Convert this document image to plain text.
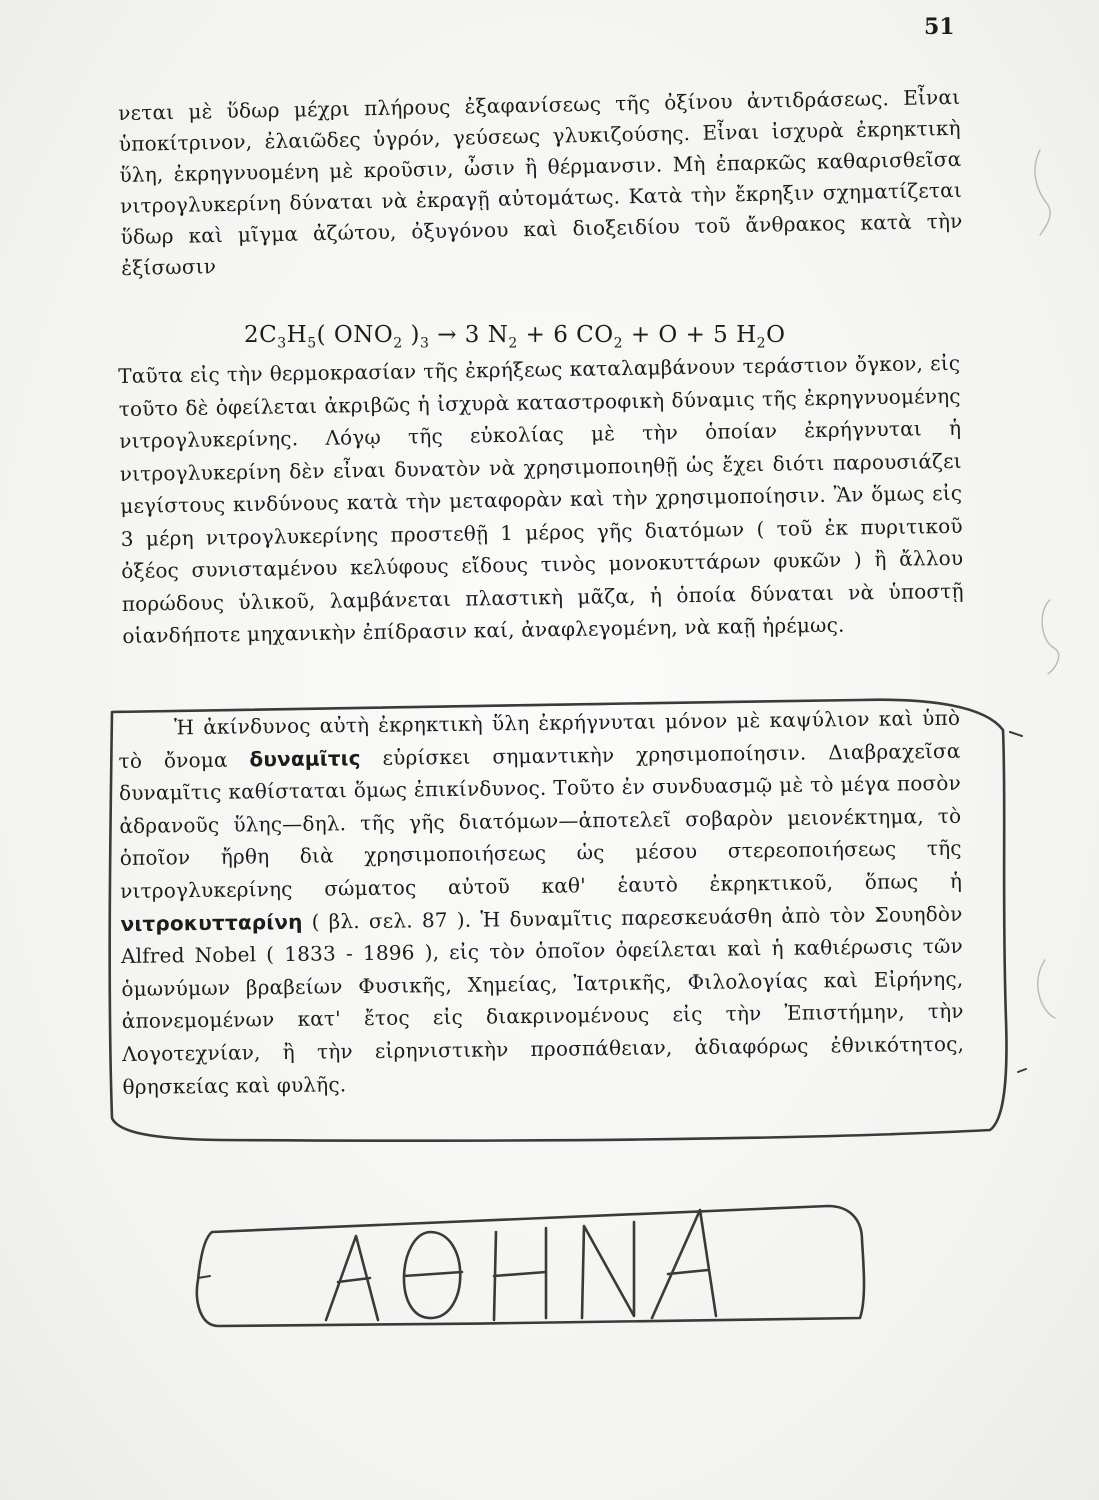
51

νεται μὲ ὕδωρ μέχρι πλήρους ἐξαφανίσεως τῆς ὀξίνου ἀντιδράσεως. Εἶναι ὑποκίτρινον, ἐλαιῶδες ὑγρόν, γεύσεως γλυκιζούσης. Εἶναι ἰσχυρὰ ἐκρηκτικὴ ὕλη, ἐκρηγνυομένη μὲ κροῦσιν, ὦσιν ἢ θέρμανσιν. Μὴ ἐπαρκῶς καθαρισθεῖσα νιτρογλυκερίνη δύναται νὰ ἐκραγῇ αὐτομάτως. Κατὰ τὴν ἔκρηξιν σχηματίζεται ὕδωρ καὶ μῖγμα ἀζώτου, ὀξυγόνου καὶ διοξειδίου τοῦ ἄνθρακος κατὰ τὴν ἐξίσωσιν

$2C_3H_5$( $ONO_2$ )$_3 \to 3$ $N_2 + 6$ $CO_2 + O + 5$ $H_2O$

Ταῦτα εἰς τὴν θερμοκρασίαν τῆς ἐκρήξεως καταλαμβάνουν τεράστιον ὄγκον, εἰς τοῦτο δὲ ὀφείλεται ἀκριβῶς ἡ ἰσχυρὰ καταστροφικὴ δύναμις τῆς ἐκρηγνυομένης νιτρογλυκερίνης. Λόγῳ τῆς εὐκολίας μὲ τὴν ὁποίαν ἐκρήγνυται ἡ νιτρογλυκερίνη δὲν εἶναι δυνατὸν νὰ χρησιμοποιηθῇ ὡς ἔχει διότι παρουσιάζει μεγίστους κινδύνους κατὰ τὴν μεταφορὰν καὶ τὴν χρησιμοποίησιν. Ἂν ὅμως εἰς 3 μέρη νιτρογλυκερίνης προστεθῇ 1 μέρος γῆς διατόμων ( τοῦ ἐκ πυριτικοῦ ὀξέος συνισταμένου κελύφους εἴδους τινὸς μονοκυττάρων φυκῶν ) ἢ ἄλλου πορώδους ὑλικοῦ, λαμβάνεται πλαστικὴ μᾶζα, ἡ ὁποία δύναται νὰ ὑποστῇ οἱανδήποτε μηχανικὴν ἐπίδρασιν καί, ἀναφλεγομένη, νὰ καῇ ἠρέμως.

Ἡ ἀκίνδυνος αὐτὴ ἐκρηκτικὴ ὕλη ἐκρήγνυται μόνον μὲ καψύλιον καὶ ὑπὸ τὸ ὄνομα δυναμῖτις εὑρίσκει σημαντικὴν χρησιμοποίησιν. Διαβραχεῖσα δυναμῖτις καθίσταται ὅμως ἐπικίνδυνος. Τοῦτο ἐν συνδυασμῷ μὲ τὸ μέγα ποσὸν ἀδρανοῦς ὕλης—δηλ. τῆς γῆς διατόμων—ἀποτελεῖ σοβαρὸν μειονέκτημα, τὸ ὁποῖον ἤρθη διὰ χρησιμοποιήσεως ὡς μέσου στερεοποιήσεως τῆς νιτρογλυκερίνης σώματος αὐτοῦ καθ' ἑαυτὸ ἐκρηκτικοῦ, ὅπως ἡ νιτροκυτταρίνη ( βλ. σελ. 87 ). Ἡ δυναμῖτις παρεσκευάσθη ἀπὸ τὸν Σουηδὸν Alfred Nobel ( 1833 - 1896 ), εἰς τὸν ὁποῖον ὀφείλεται καὶ ἡ καθιέρωσις τῶν ὁμωνύμων βραβείων Φυσικῆς, Χημείας, Ἰατρικῆς, Φιλολογίας καὶ Εἰρήνης, ἀπονεμομένων κατ' ἔτος εἰς διακρινομένους εἰς τὴν Ἐπιστήμην, τὴν Λογοτεχνίαν, ἢ τὴν εἰρηνιστικὴν προσπάθειαν, ἀδιαφόρως ἐθνικότητος, θρησκείας καὶ φυλῆς.
